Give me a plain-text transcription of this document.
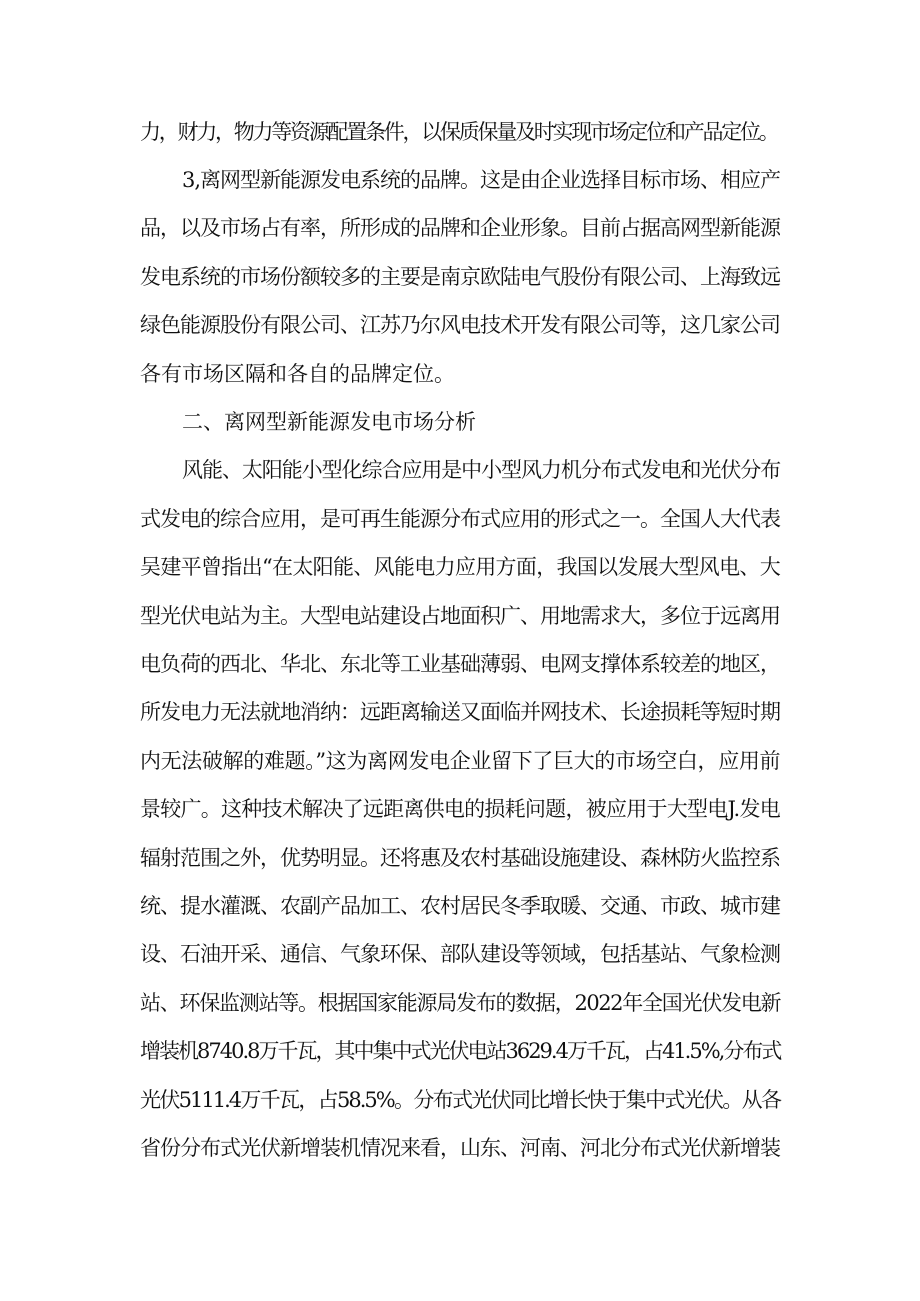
力，财力，物力等资源配置条件，以保质保量及时实现市场定位和产品定位。
3,离网型新能源发电系统的品牌。这是由企业选择目标市场、相应产
品，以及市场占有率，所形成的品牌和企业形象。目前占据高网型新能源
发电系统的市场份额较多的主要是南京欧陆电气股份有限公司、上海致远
绿色能源股份有限公司、江苏乃尔风电技术开发有限公司等，这几家公司
各有市场区隔和各自的品牌定位。
二、离网型新能源发电市场分析
风能、太阳能小型化综合应用是中小型风力机分布式发电和光伏分布
式发电的综合应用，是可再生能源分布式应用的形式之一。全国人大代表
吴建平曾指出“在太阳能、风能电力应用方面，我国以发展大型风电、大
型光伏电站为主。大型电站建设占地面积广、用地需求大，多位于远离用
电负荷的西北、华北、东北等工业基础薄弱、电网支撑体系较差的地区，
所发电力无法就地消纳：远距离输送又面临并网技术、长途损耗等短时期
内无法破解的难题。”这为离网发电企业留下了巨大的市场空白，应用前
景较广。这种技术解决了远距离供电的损耗问题，被应用于大型电J.发电
辐射范围之外，优势明显。还将惠及农村基础设施建设、森林防火监控系
统、提水灌溉、农副产品加工、农村居民冬季取暖、交通、市政、城市建
设、石油开采、通信、气象环保、部队建设等领域，包括基站、气象检测
站、环保监测站等。根据国家能源局发布的数据，2022年全国光伏发电新
增装机8740.8万千瓦，其中集中式光伏电站3629.4万千瓦，占41.5%,分布式
光伏5111.4万千瓦，占58.5%。分布式光伏同比增长快于集中式光伏。从各
省份分布式光伏新增装机情况来看，山东、河南、河北分布式光伏新增装
